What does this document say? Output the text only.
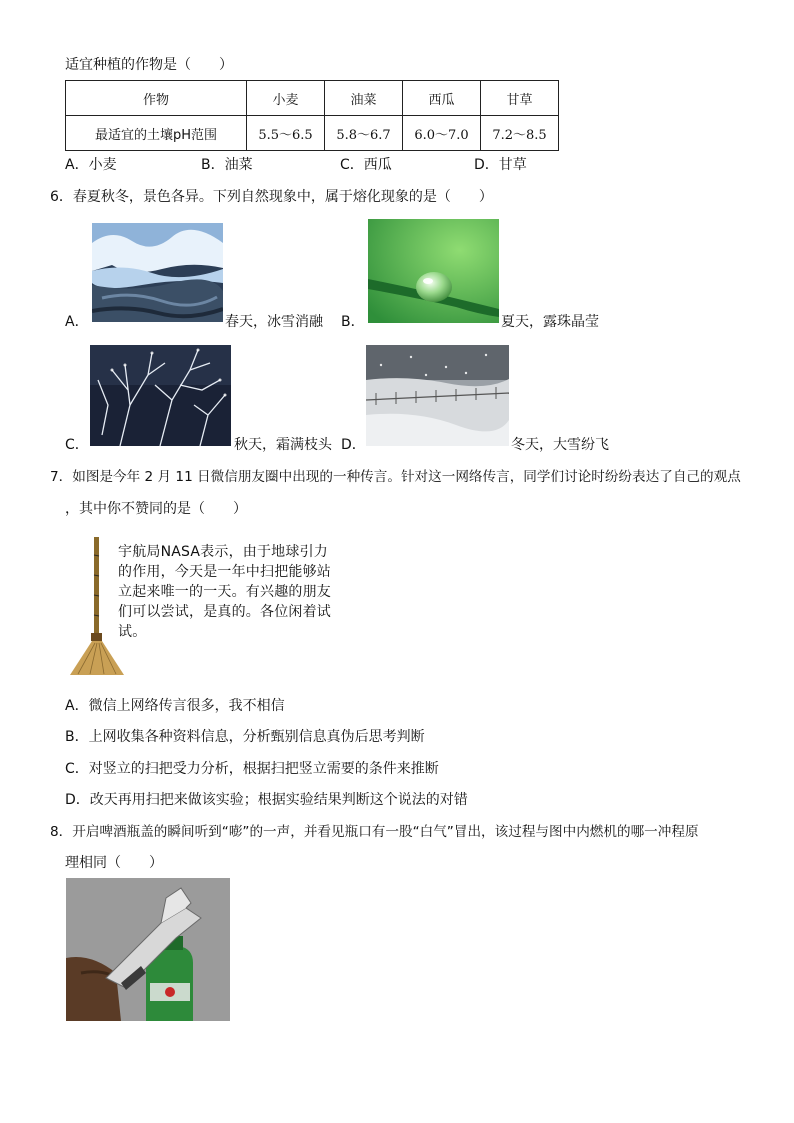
适宜种植的作物是（　　）
作物	小麦	油菜	西瓜	甘草
最适宜的土壤pH范围	5.5～6.5	5.8～6.7	6.0～7.0	7.2～8.5
A．小麦	B．油菜	C．西瓜	D．甘草
6．春夏秋冬，景色各异。下列自然现象中，属于熔化现象的是（　　）
A．	春天，冰雪消融 B．	夏天，露珠晶莹
C．	秋天，霜满枝头 D．	冬天，大雪纷飞
7．如图是今年 2 月 11 日微信朋友圈中出现的一种传言。针对这一网络传言，同学们讨论时纷纷表达了自己的观点
，其中你不赞同的是（　　）
宇航局NASA表示，由于地球引力的作用，今天是一年中扫把能够站立起来唯一的一天。有兴趣的朋友们可以尝试，是真的。各位闲着试试。
A．微信上网络传言很多，我不相信
B．上网收集各种资料信息，分析甄别信息真伪后思考判断
C．对竖立的扫把受力分析，根据扫把竖立需要的条件来推断
D．改天再用扫把来做该实验；根据实验结果判断这个说法的对错
8．开启啤酒瓶盖的瞬间听到“嘭”的一声，并看见瓶口有一股“白气”冒出，该过程与图中内燃机的哪一冲程原
理相同（　　）
